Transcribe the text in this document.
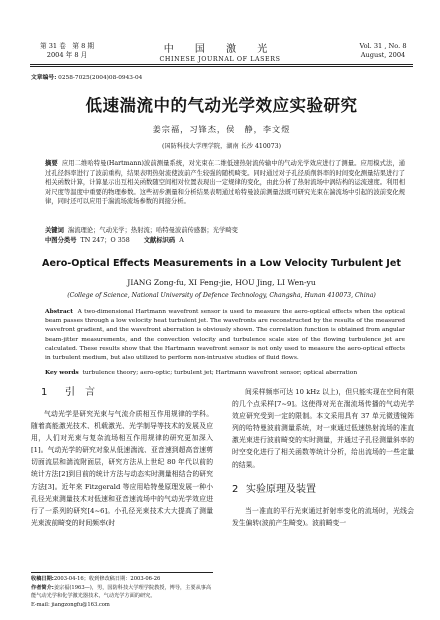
第 31 卷　第 8 期
2004 年 8 月	中 国 激 光
CHINESE JOURNAL OF LASERS
Vol. 31 , No. 8
August, 2004
文章编号: 0258-7025(2004)08-0943-04
低速湍流中的气动光学效应实验研究
姜宗福，习锋杰，侯　静，李文煜
(国防科技大学理学院，湖南 长沙 410073)
摘要 应用二维哈特曼(Hartmann)波前测量系统，对光束在二维低速热射流传输中的气动光学效应进行了测量。应用模式法，通过孔径斜率进行了波前重构，结果表明热射流使波前产生较强的随机畸变。同时通过对子孔径质削斜率的时间变化测量结果进行了相关函数计算，计算显示出互相关函数随空间相对位置表现出一定规律的变化，由此分析了热射流场中涡结构的运流速度。利用相对尺度等温度中重要的物理参数。这些初步测量和分析结果表明通过哈特曼波前测量法既可研究光束在湍流场中引起的波前变化规律，同时还可以应用于湍流场流场参数的间接分析。
关键词 湍流理论；气动光学；热射流；哈特曼波前传感器；光学畸变
中图分类号 TN 247；O 358 文献标识码 A
Aero-Optical Effects Measurements in a Low Velocity Turbulent Jet
JIANG Zong-fu, XI Feng-jie, HOU Jing, LI Wen-yu
(College of Science, National University of Defence Technology, Changsha, Hunan 410073, China)
Abstract A two-dimensional Hartmann wavefront sensor is used to measure the aero-optical effects when the optical beam passes through a low velocity heat turbulent jet. The wavefronts are reconstructed by the results of the measured wavefront gradient, and the wavefront aberration is obviously shown. The correlation function is obtained from angular beam-jitter measurements, and the convection velocity and turbulence scale size of the flowing turbulence jet are calculated. These results show that the Hartmann wavefront sensor is not only used to measure the aero-optical effects in turbulent medium, but also utilized to perform non-intrusive studies of fluid flows.
Key words turbulence theory; aero-optic; turbulent jet; Hartmann wavefront sensor; optical aberration
1 引　言

气动光学是研究光束与气流介质相互作用规律的学科。随着高能激光技术、机载激光、光学制导等技术的发展及应用，人们对光束与复杂流场相互作用规律的研究更加深入[1]。气动光学的研究对象从低速湍流、亚音速到超高音速剪切面流层和湍流附面层，研究方法从上世纪 80 年代以前的统计方法[2]到目前的统计方法与动态实时测量相结合的研究方法[3]。近年来 Fitzgerald 等应用哈特曼原理发展一种小孔径光束测量技术对低速和亚音速流场中的气动光学效应进行了一系列的研究[4~6]。小孔径光束技术大大提高了测量光束波前畸变的时间频率(时

间采样频率可达 10 kHz 以上)，但只能实现在空间有限的几个点采样[7~9]。这使得对光在湍流场传播的气动光学效应研究受到一定的限制。本文采用具有 37 单元微透镜阵列的哈特曼波前测量系统，对一束通过低速热射流场的准直激光束进行波前畸变的实时测量，并通过子孔径测量斜率的时空变化进行了相关函数等统计分析，给出流场的一些定量的结果。

2 实验原理及装置

当一准直的平行光束通过折射率变化的流场时，光线会发生偏转(波前产生畸变)。波前畸变一

收稿日期:2003-04-16；收到修改稿日期：2003-06-26
作者简介:姜宗福(1963—)，男，国防科技大学理学院教授，博导，主要从事高能气动光学和化学激光器技术，气动光学方面的研究。
E-mail: jiangzongfu@163.com
